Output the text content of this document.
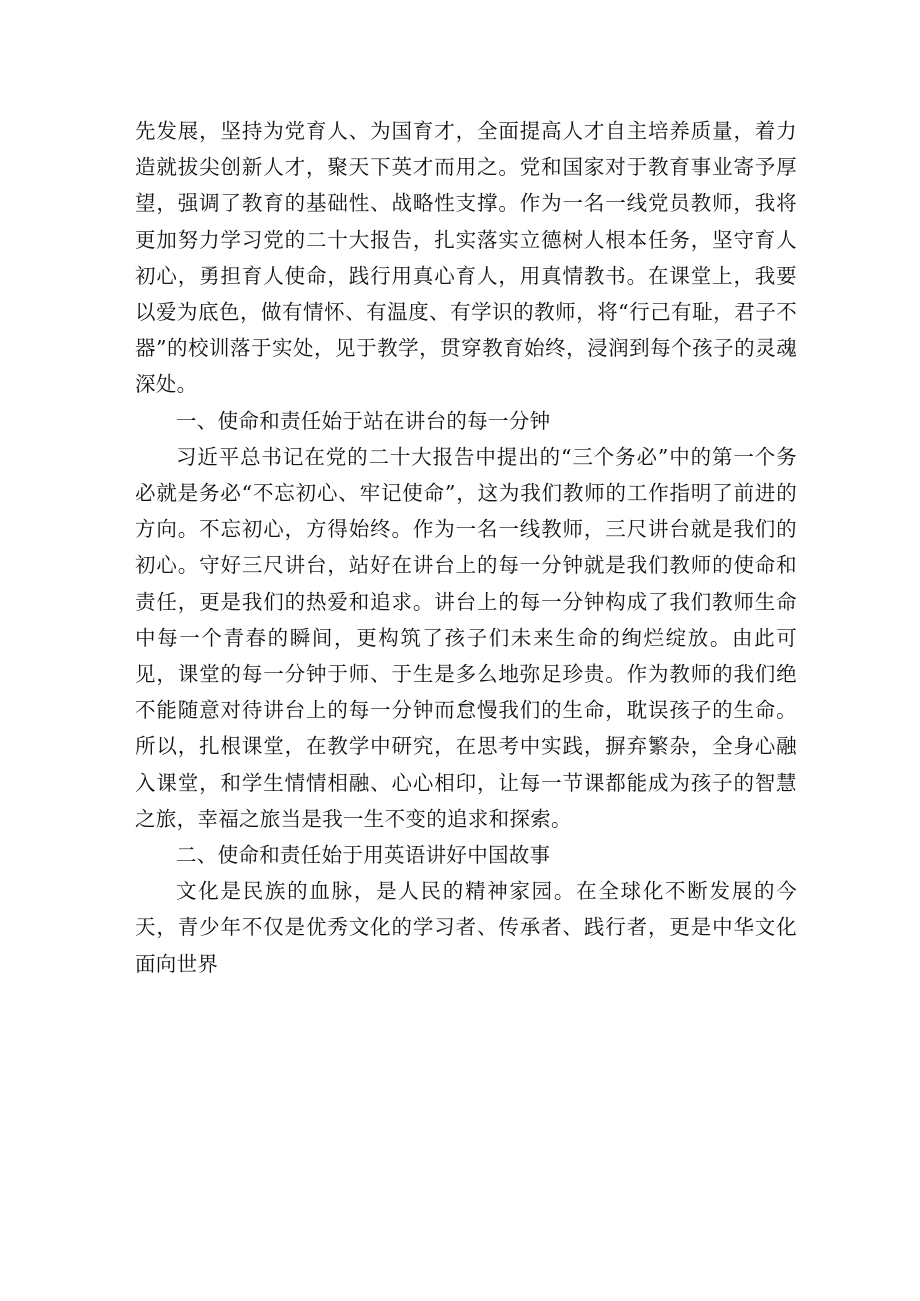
先发展，坚持为党育人、为国育才，全面提高人才自主培养质量，着力造就拔尖创新人才，聚天下英才而用之。党和国家对于教育事业寄予厚望，强调了教育的基础性、战略性支撑。作为一名一线党员教师，我将更加努力学习党的二十大报告，扎实落实立德树人根本任务，坚守育人初心，勇担育人使命，践行用真心育人，用真情教书。在课堂上，我要以爱为底色，做有情怀、有温度、有学识的教师，将“行己有耻，君子不器”的校训落于实处，见于教学，贯穿教育始终，浸润到每个孩子的灵魂深处。

一、使命和责任始于站在讲台的每一分钟

习近平总书记在党的二十大报告中提出的“三个务必”中的第一个务必就是务必“不忘初心、牢记使命”，这为我们教师的工作指明了前进的方向。不忘初心，方得始终。作为一名一线教师，三尺讲台就是我们的初心。守好三尺讲台，站好在讲台上的每一分钟就是我们教师的使命和责任，更是我们的热爱和追求。讲台上的每一分钟构成了我们教师生命中每一个青春的瞬间，更构筑了孩子们未来生命的绚烂绽放。由此可见，课堂的每一分钟于师、于生是多么地弥足珍贵。作为教师的我们绝不能随意对待讲台上的每一分钟而怠慢我们的生命，耽误孩子的生命。所以，扎根课堂，在教学中研究，在思考中实践，摒弃繁杂，全身心融入课堂，和学生情情相融、心心相印，让每一节课都能成为孩子的智慧之旅，幸福之旅当是我一生不变的追求和探索。

二、使命和责任始于用英语讲好中国故事

文化是民族的血脉，是人民的精神家园。在全球化不断发展的今天，青少年不仅是优秀文化的学习者、传承者、践行者，更是中华文化面向世界
